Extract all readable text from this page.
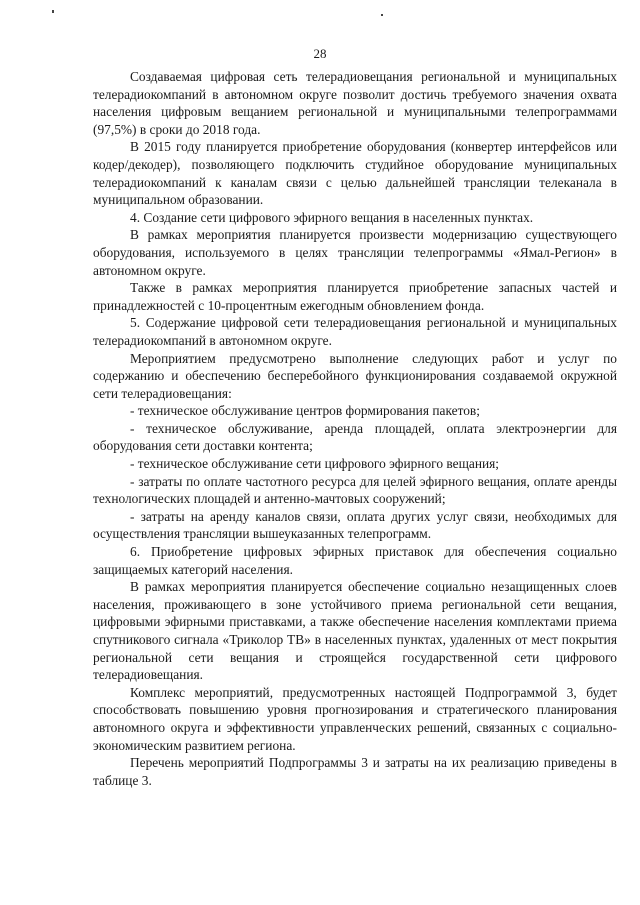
28

Создаваемая цифровая сеть телерадиовещания региональной и муниципальных телерадиокомпаний в автономном округе позволит достичь требуемого значения охвата населения цифровым вещанием региональной и муниципальными телепрограммами (97,5%) в сроки до 2018 года.

В 2015 году планируется приобретение оборудования (конвертер интерфейсов или кодер/декодер), позволяющего подключить студийное оборудование муниципальных телерадиокомпаний к каналам связи с целью дальнейшей трансляции телеканала в муниципальном образовании.

4. Создание сети цифрового эфирного вещания в населенных пунктах.

В рамках мероприятия планируется произвести модернизацию существующего оборудования, используемого в целях трансляции телепрограммы «Ямал-Регион» в автономном округе.

Также в рамках мероприятия планируется приобретение запасных частей и принадлежностей с 10-процентным ежегодным обновлением фонда.

5. Содержание цифровой сети телерадиовещания региональной и муниципальных телерадиокомпаний в автономном округе.

Мероприятием предусмотрено выполнение следующих работ и услуг по содержанию и обеспечению бесперебойного функционирования создаваемой окружной сети телерадиовещания:

- техническое обслуживание центров формирования пакетов;

- техническое обслуживание, аренда площадей, оплата электроэнергии для оборудования сети доставки контента;

- техническое обслуживание сети цифрового эфирного вещания;

- затраты по оплате частотного ресурса для целей эфирного вещания, оплате аренды технологических площадей и антенно-мачтовых сооружений;

- затраты на аренду каналов связи, оплата других услуг связи, необходимых для осуществления трансляции вышеуказанных телепрограмм.

6. Приобретение цифровых эфирных приставок для обеспечения социально защищаемых категорий населения.

В рамках мероприятия планируется обеспечение социально незащищенных слоев населения, проживающего в зоне устойчивого приема региональной сети вещания, цифровыми эфирными приставками, а также обеспечение населения комплектами приема спутникового сигнала «Триколор ТВ» в населенных пунктах, удаленных от мест покрытия региональной сети вещания и строящейся государственной сети цифрового телерадиовещания.

Комплекс мероприятий, предусмотренных настоящей Подпрограммой 3, будет способствовать повышению уровня прогнозирования и стратегического планирования автономного округа и эффективности управленческих решений, связанных с социально-экономическим развитием региона.

Перечень мероприятий Подпрограммы 3 и затраты на их реализацию приведены в таблице 3.
